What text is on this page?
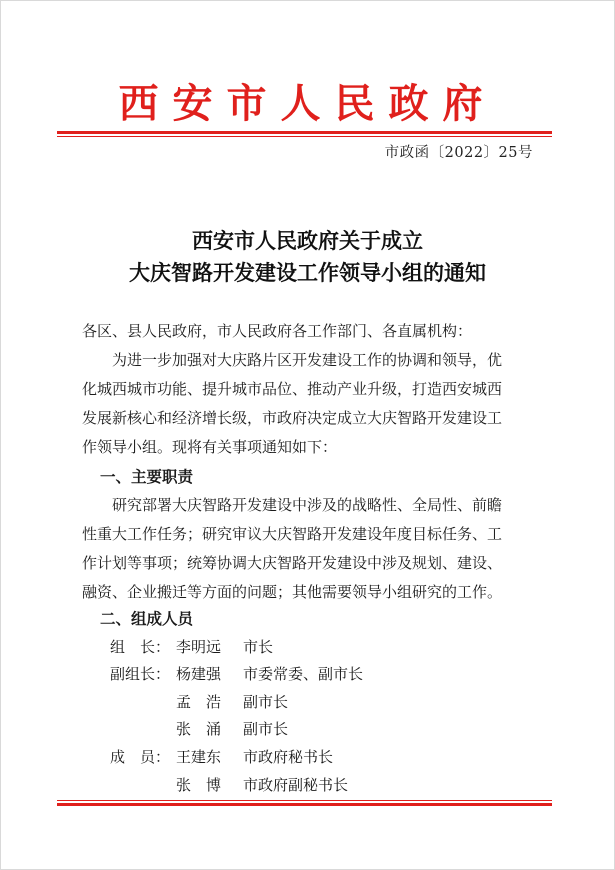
西安市人民政府
市政函〔2022〕25号
西安市人民政府关于成立
大庆智路开发建设工作领导小组的通知
各区、县人民政府，市人民政府各工作部门、各直属机构：
为进一步加强对大庆路片区开发建设工作的协调和领导，优
化城西城市功能、提升城市品位、推动产业升级，打造西安城西
发展新核心和经济增长级，市政府决定成立大庆智路开发建设工
作领导小组。现将有关事项通知如下：
一、主要职责
研究部署大庆智路开发建设中涉及的战略性、全局性、前瞻
性重大工作任务；研究审议大庆智路开发建设年度目标任务、工
作计划等事项；统筹协调大庆智路开发建设中涉及规划、建设、
融资、企业搬迁等方面的问题；其他需要领导小组研究的工作。
二、组成人员
组　长： 李明远 市长
副组长： 杨建强 市委常委、副市长
孟　浩 副市长
张　涌 副市长
成　员： 王建东 市政府秘书长
张　博 市政府副秘书长
